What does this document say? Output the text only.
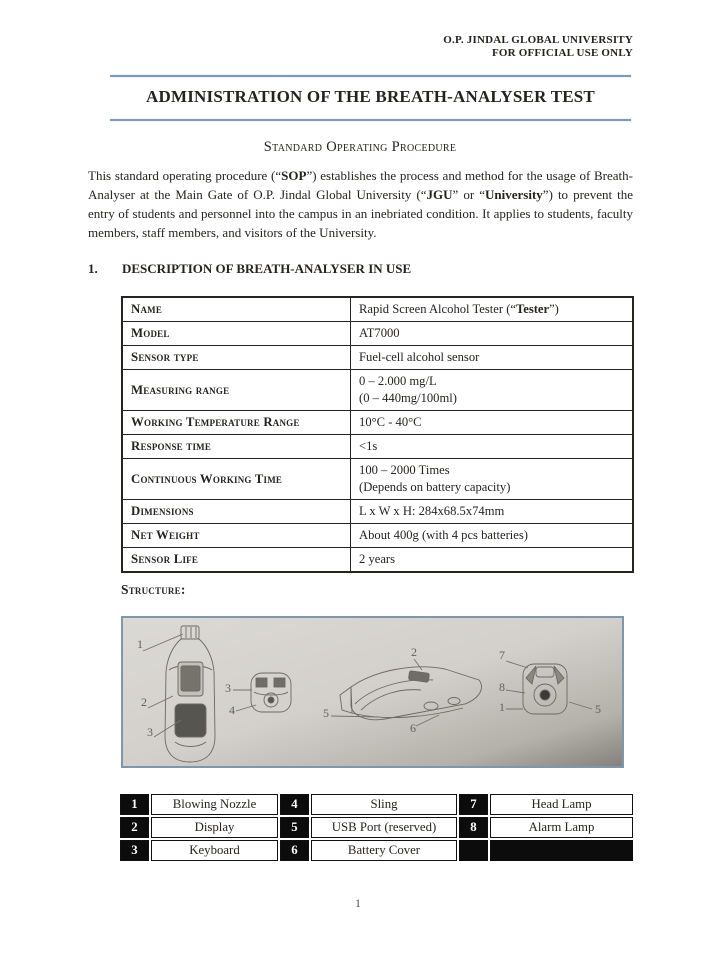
O.P. JINDAL GLOBAL UNIVERSITY
FOR OFFICIAL USE ONLY
ADMINISTRATION OF THE BREATH-ANALYSER TEST
Standard Operating Procedure

This standard operating procedure (“SOP”) establishes the process and method for the usage of Breath-Analyser at the Main Gate of O.P. Jindal Global University (“JGU” or “University”) to prevent the entry of students and personnel into the campus in an inebriated condition. It applies to students, faculty members, staff members, and visitors of the University.

1. DESCRIPTION OF BREATH-ANALYSER IN USE
Name	Rapid Screen Alcohol Tester (“Tester”)

Model	AT7000

Sensor type	Fuel-cell alcohol sensor

Measuring range	0 – 2.000 mg/L
(0 – 440mg/100ml)

Working Temperature Range	10°C - 40°C

Response time	<1s

Continuous Working Time	100 – 2000 Times
(Depends on battery capacity)

Dimensions	L x W x H: 284x68.5x74mm

Net Weight	About 400g (with 4 pcs batteries)

Sensor Life	2 years
Structure:
1
2
3
3
4
2
5
6
7
8
1	5
1	Blowing Nozzle	4	Sling	7	Head Lamp
2	Display	5	USB Port (reserved)	8	Alarm Lamp
3	Keyboard	6	Battery Cover		
1
